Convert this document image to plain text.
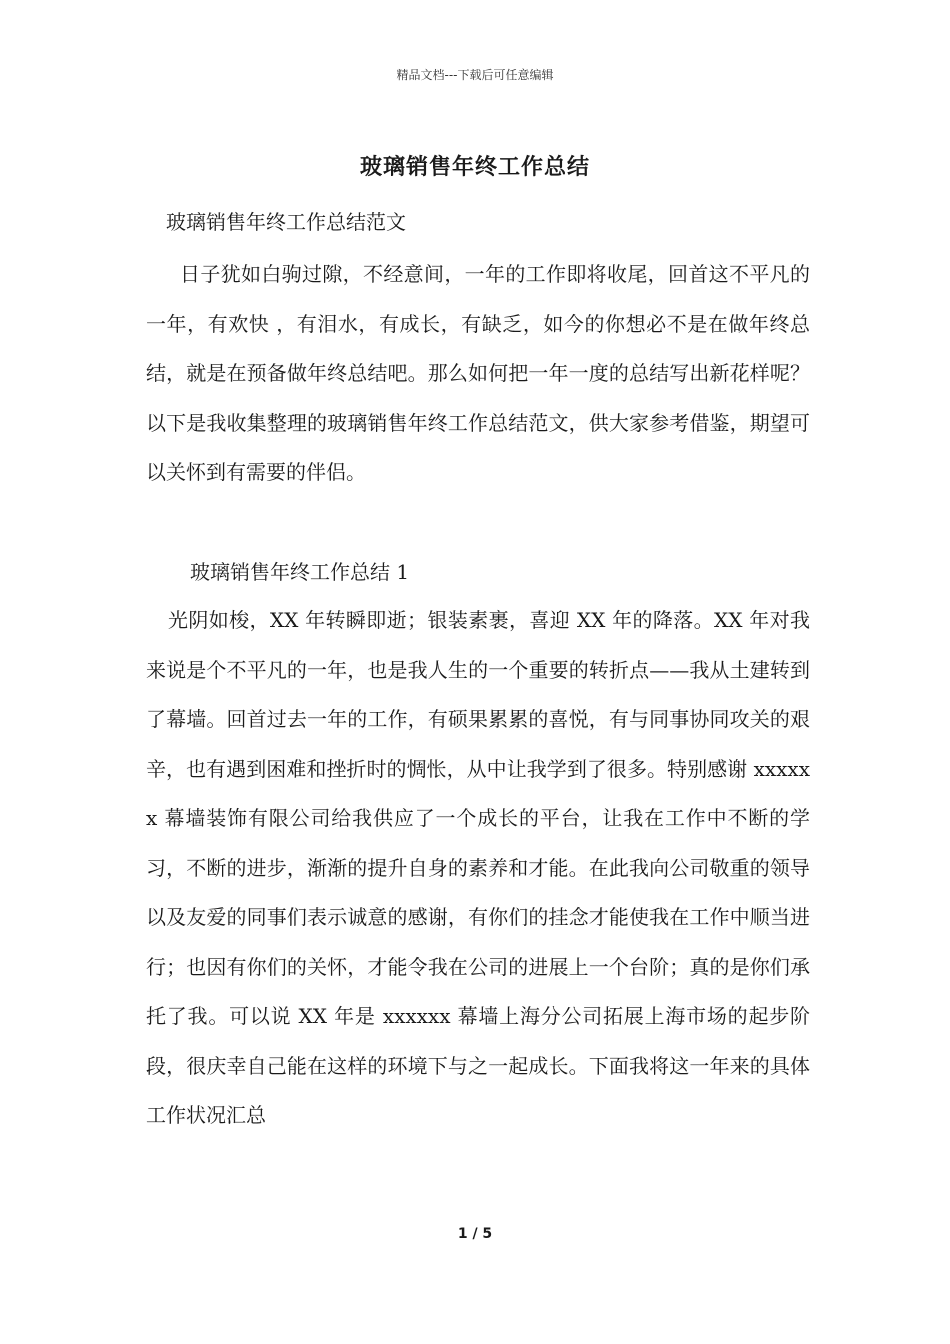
精品文档---下载后可任意编辑
玻璃销售年终工作总结
玻璃销售年终工作总结范文
日子犹如白驹过隙，不经意间，一年的工作即将收尾，回首这不平凡的一年，有欢快 ，有泪水，有成长，有缺乏，如今的你想必不是在做年终总结，就是在预备做年终总结吧。那么如何把一年一度的总结写出新花样呢？以下是我收集整理的玻璃销售年终工作总结范文，供大家参考借鉴，期望可以关怀到有需要的伴侣。
玻璃销售年终工作总结 1
光阴如梭，XX 年转瞬即逝；银装素裹，喜迎 XX 年的降落。XX 年对我来说是个不平凡的一年，也是我人生的一个重要的转折点——我从土建转到了幕墙。回首过去一年的工作，有硕果累累的喜悦，有与同事协同攻关的艰辛，也有遇到困难和挫折时的惆怅，从中让我学到了很多。特别感谢 xxxxxx 幕墙装饰有限公司给我供应了一个成长的平台，让我在工作中不断的学习，不断的进步，渐渐的提升自身的素养和才能。在此我向公司敬重的领导以及友爱的同事们表示诚意的感谢，有你们的挂念才能使我在工作中顺当进行；也因有你们的关怀，才能令我在公司的进展上一个台阶；真的是你们承托了我。可以说 XX 年是 xxxxxx 幕墙上海分公司拓展上海市场的起步阶段，很庆幸自己能在这样的环境下与之一起成长。下面我将这一年来的具体工作状况汇总
1 / 5
